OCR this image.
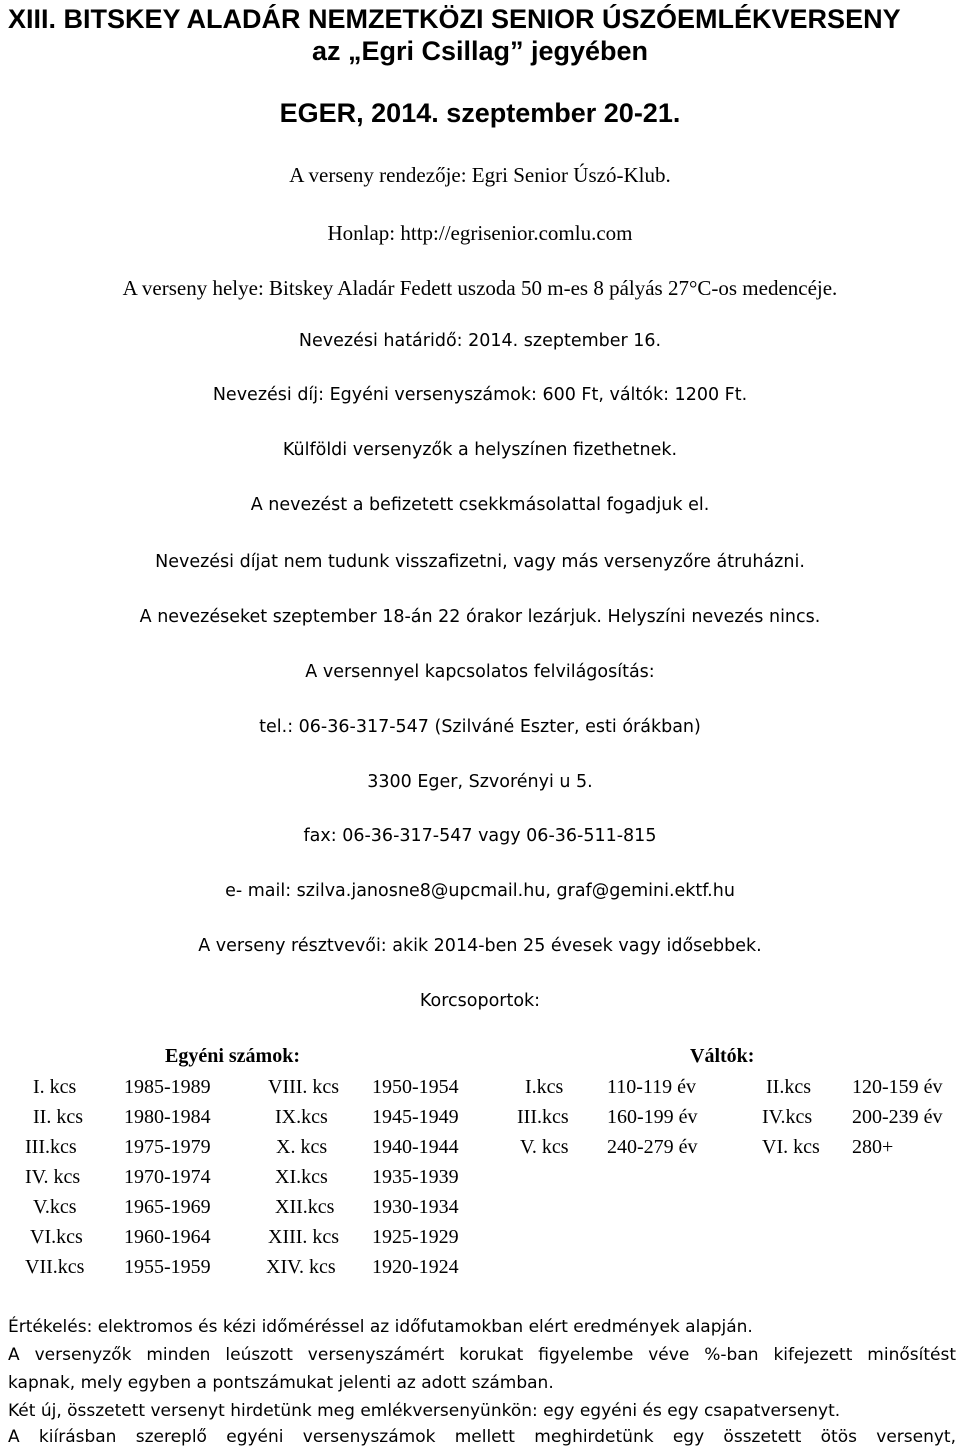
XIII. BITSKEY ALADÁR NEMZETKÖZI SENIOR ÚSZÓEMLÉKVERSENY
az „Egri Csillag” jegyében
EGER, 2014. szeptember 20-21.
A verseny rendezője: Egri Senior Úszó-Klub.
Honlap: http://egrisenior.comlu.com
A verseny helye: Bitskey Aladár Fedett uszoda 50 m-es 8 pályás 27°C-os medencéje.
Nevezési határidő: 2014. szeptember 16.
Nevezési díj: Egyéni versenyszámok: 600 Ft, váltók: 1200 Ft.
Külföldi versenyzők a helyszínen fizethetnek.
A nevezést a befizetett csekkmásolattal fogadjuk el.
Nevezési díjat nem tudunk visszafizetni, vagy más versenyzőre átruházni.
A nevezéseket szeptember 18-án 22 órakor lezárjuk. Helyszíni nevezés nincs.
A versennyel kapcsolatos felvilágosítás:
tel.: 06-36-317-547 (Szilváné Eszter, esti órákban)
3300 Eger, Szvorényi u 5.
fax: 06-36-317-547 vagy 06-36-511-815
e- mail: szilva.janosne8@upcmail.hu, graf@gemini.ektf.hu
A verseny résztvevői: akik 2014-ben 25 évesek vagy idősebbek.
Korcsoportok:
Egyéni számok:
I. kcs 1985-1989
II. kcs 1980-1984
III.kcs 1975-1979
IV. kcs 1970-1974
V.kcs 1965-1969
VI.kcs 1960-1964
VII.kcs 1955-1959
VIII. kcs 1950-1954
IX.kcs 1945-1949
X. kcs 1940-1944
XI.kcs 1935-1939
XII.kcs 1930-1934
XIII. kcs 1925-1929
XIV. kcs 1920-1924
Váltók:
I.kcs 110-119 év
III.kcs 160-199 év
V. kcs 240-279 év
II.kcs 120-159 év
IV.kcs 200-239 év
VI. kcs 280+
Értékelés: elektromos és kézi időméréssel az időfutamokban elért eredmények alapján.
A versenyzők minden leúszott versenyszámért korukat figyelembe véve %-ban kifejezett minősítést
kapnak, mely egyben a pontszámukat jelenti az adott számban.
Két új, összetett versenyt hirdetünk meg emlékversenyünkön: egy egyéni és egy csapatversenyt.
A kiírásban szereplő egyéni versenyszámok mellett meghirdetünk egy összetett ötös versenyt,
